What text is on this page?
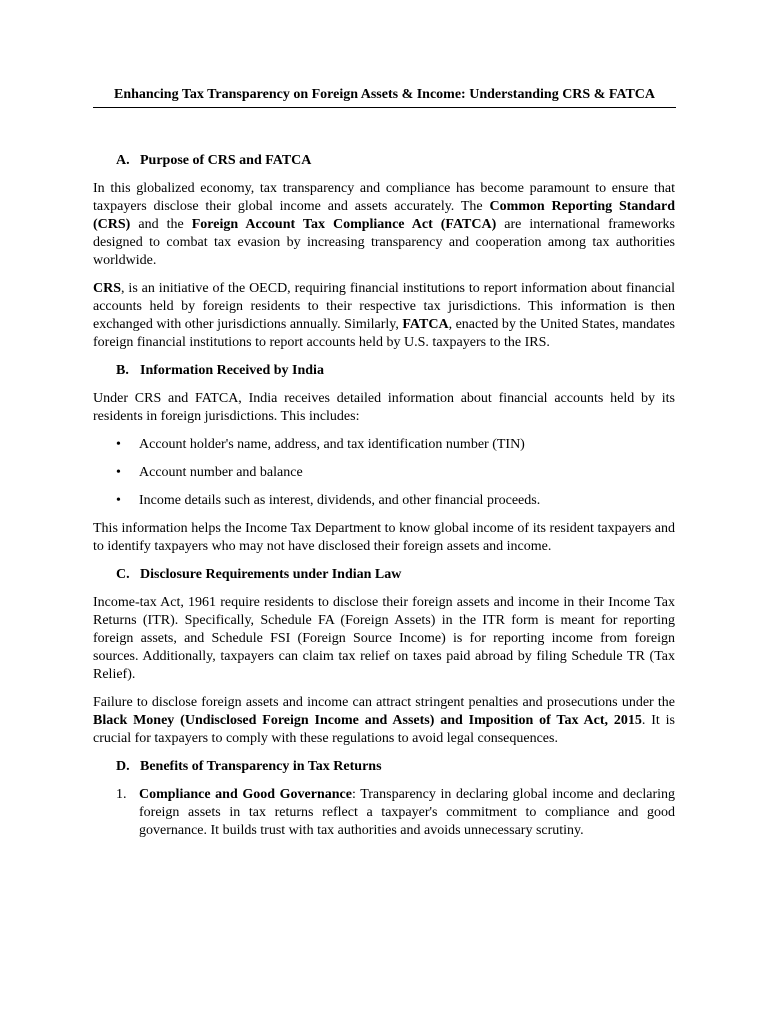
Enhancing Tax Transparency on Foreign Assets & Income: Understanding CRS & FATCA
A. Purpose of CRS and FATCA

In this globalized economy, tax transparency and compliance has become paramount to ensure that taxpayers disclose their global income and assets accurately. The Common Reporting Standard (CRS) and the Foreign Account Tax Compliance Act (FATCA) are international frameworks designed to combat tax evasion by increasing transparency and cooperation among tax authorities worldwide.

CRS, is an initiative of the OECD, requiring financial institutions to report information about financial accounts held by foreign residents to their respective tax jurisdictions. This information is then exchanged with other jurisdictions annually. Similarly, FATCA, enacted by the United States, mandates foreign financial institutions to report accounts held by U.S. taxpayers to the IRS.

B. Information Received by India

Under CRS and FATCA, India receives detailed information about financial accounts held by its residents in foreign jurisdictions. This includes:

•	Account holder's name, address, and tax identification number (TIN)
•	Account number and balance
•	Income details such as interest, dividends, and other financial proceeds.

This information helps the Income Tax Department to know global income of its resident taxpayers and to identify taxpayers who may not have disclosed their foreign assets and income.

C. Disclosure Requirements under Indian Law

Income-tax Act, 1961 require residents to disclose their foreign assets and income in their Income Tax Returns (ITR). Specifically, Schedule FA (Foreign Assets) in the ITR form is meant for reporting foreign assets, and Schedule FSI (Foreign Source Income) is for reporting income from foreign sources. Additionally, taxpayers can claim tax relief on taxes paid abroad by filing Schedule TR (Tax Relief).

Failure to disclose foreign assets and income can attract stringent penalties and prosecutions under the Black Money (Undisclosed Foreign Income and Assets) and Imposition of Tax Act, 2015. It is crucial for taxpayers to comply with these regulations to avoid legal consequences.

D. Benefits of Transparency in Tax Returns
1. Compliance and Good Governance: Transparency in declaring global income and declaring foreign assets in tax returns reflect a taxpayer's commitment to compliance and good governance. It builds trust with tax authorities and avoids unnecessary scrutiny.
